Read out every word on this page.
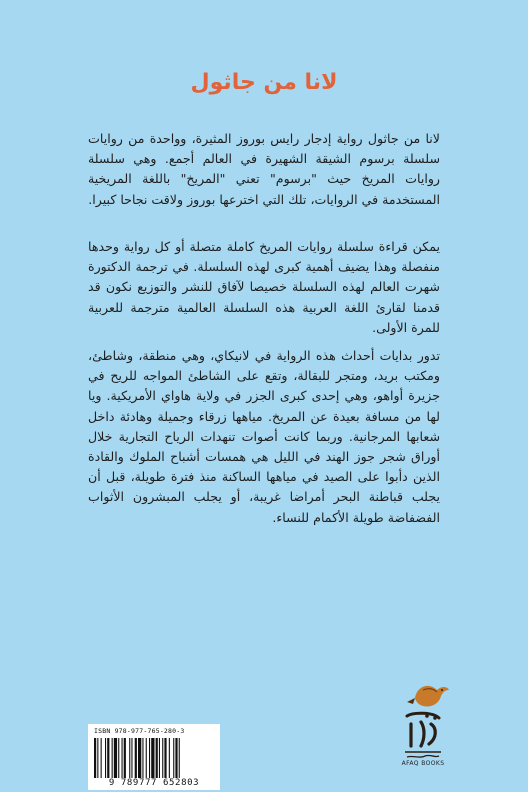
لانا من جاثول
لانا من جاثول رواية إدجار رايس بوروز المثيرة، وواحدة من روايات سلسلة برسوم الشيقة الشهيرة في العالم أجمع. وهي سلسلة روايات المريخ حيث "برسوم" تعني "المريخ" باللغة المريخية المستخدمة في الروايات، تلك التي اخترعها بوروز ولاقت نجاحا كبيرا.
يمكن قراءة سلسلة روايات المريخ كاملة متصلة أو كل رواية وحدها منفصلة وهذا يضيف أهمية كبرى لهذه السلسلة. في ترجمة الدكتورة شهرت العالم لهذه السلسلة خصيصا لآفاق للنشر والتوزيع نكون قد قدمنا لقارئ اللغة العربية هذه السلسلة العالمية مترجمة للعربية للمرة الأولى.
تدور بدايات أحداث هذه الرواية في لانيكاي، وهي منطقة، وشاطئ، ومكتب بريد، ومتجر للبقالة، وتقع على الشاطئ المواجه للريح في جزيرة أواهو، وهي إحدى كبرى الجزر في ولاية هاواي الأمريكية. ويا لها من مسافة بعيدة عن المريخ. مياهها زرقاء وجميلة وهادئة داخل شعابها المرجانية. وربما كانت أصوات تنهدات الرياح التجارية خلال أوراق شجر جوز الهند في الليل هي همسات أشباح الملوك والقادة الذين دأبوا على الصيد في مياهها الساكنة منذ فترة طويلة، قبل أن يجلب قباطنة البحر أمراضا غريبة، أو يجلب المبشرون الأثواب الفضفاضة طويلة الأكمام للنساء.
ISBN 978-977-765-280-3
9 789777 652803
AFAQ BOOKS
